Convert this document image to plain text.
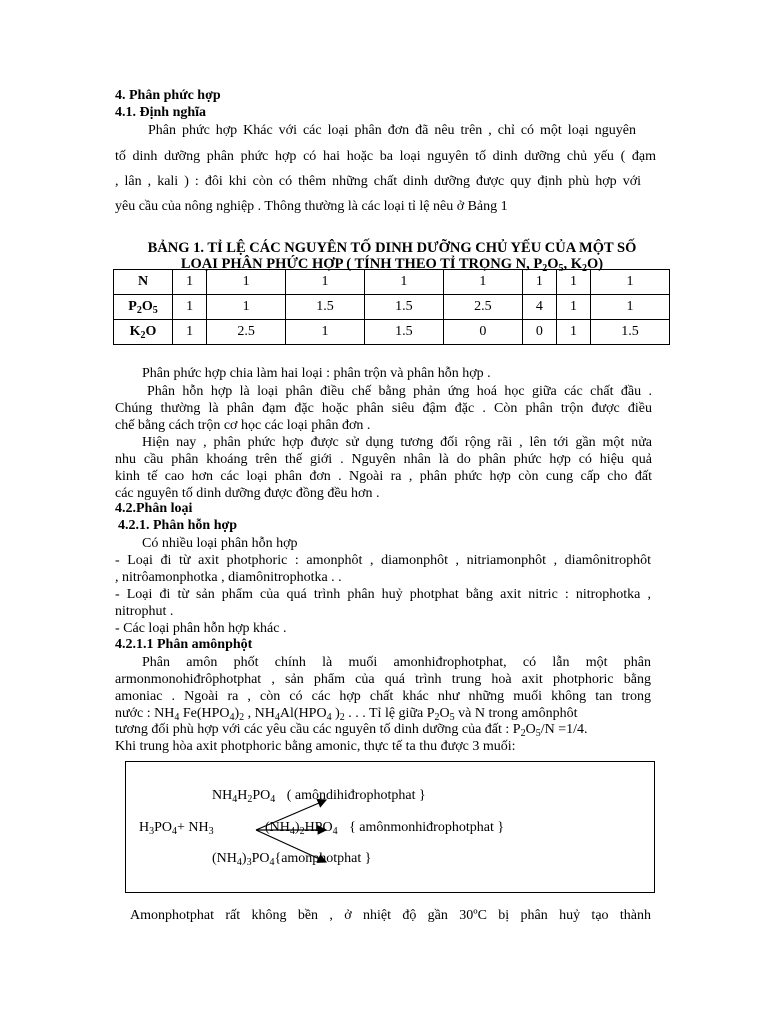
4. Phân phức hợp
4.1. Định nghĩa
Phân phức hợp Khác với các loại phân đơn đã nêu trên , chỉ có một loại nguyên
tố dinh dưỡng phân phức hợp có hai hoặc ba loại nguyên tố dinh dưỡng chủ yếu ( đạm
, lân , kali ) : đôi khi còn có thêm những chất dinh dưỡng được quy định phù hợp với
yêu cầu của nông nghiệp . Thông thường là các loại tỉ lệ nêu ở Bảng 1
BẢNG 1. TỈ LỆ CÁC NGUYÊN TỐ DINH DƯỠNG CHỦ YẾU CỦA MỘT SỐ
LOẠI PHÂN PHỨC HỢP ( TÍNH THEO TỈ TRỌNG N, $P_2O_5$, $K_2O$)
N	1	1	1	1	1	1	1	1
$P_2O_5$	1	1	1.5	1.5	2.5	4	1	1
$K_2O$	1	2.5	1	1.5	0	0	1	1.5
Phân phức hợp chia làm hai loại : phân trộn và phân hỗn hợp .
Phân hỗn hợp là loại phân điều chế bằng phản ứng hoá học giữa các chất đầu .
Chúng thường là phân đạm đặc hoặc phân siêu đậm đặc . Còn phân trộn được điều
chế bằng cách trộn cơ học các loại phân đơn .
Hiện nay , phân phức hợp được sử dụng tương đối rộng rãi , lên tới gần một nửa
nhu cầu phân khoáng trên thế giới . Nguyên nhân là do phân phức hợp có hiệu quả
kinh tế cao hơn các loại phân đơn . Ngoài ra , phân phức hợp còn cung cấp cho đất
các nguyên tố dinh dưỡng được đồng đều hơn .
4.2.Phân loại
4.2.1. Phân hỗn hợp
Có nhiều loại phân hỗn hợp
- Loại đi từ axit photphoric : amonphôt , diamonphôt , nitriamonphôt , diamônitrophôt
, nitrôamonphotka , diamônitrophotka . .
- Loại đi từ sản phẩm của quá trình phân huỷ photphat bằng axit nitric : nitrophotka ,
nitrophut .
- Các loại phân hỗn hợp khác .
4.2.1.1 Phân amônphột
Phân amôn phốt chính là muối amonhiđrophotphat, có lẫn một phân
armonmonohiđrôphotphat , sản phẩm của quá trình trung hoà axit photphoric bằng
amoniac . Ngoài ra , còn có các hợp chất khác như những muối không tan trong
nước : $NH_4$ $Fe(HPO_4)_2$ , $NH_4Al(HPO_4$ )$_2$ . . . Tỉ lệ giữa $P_2O_5$ và N trong amônphôt
tương đối phù hợp với các yêu cầu các nguyên tố dinh dưỡng của đất : $P_2O_5/N =1/4$.
Khi trung hòa axit photphoric bằng amonic, thực tế ta thu được 3 muối:
$NH_4H_2PO_4$ ( amôndihiđrophotphat }
$H_3PO_4+ NH_3$	$(NH_4)_2HPO_4$ { amônmonhiđrophotphat }
$(NH_4)_3PO_4\{amonphotphat$ }
Amonphotphat rất không bền , ở nhiệt độ gần 30ºC bị phân huỷ tạo thành
